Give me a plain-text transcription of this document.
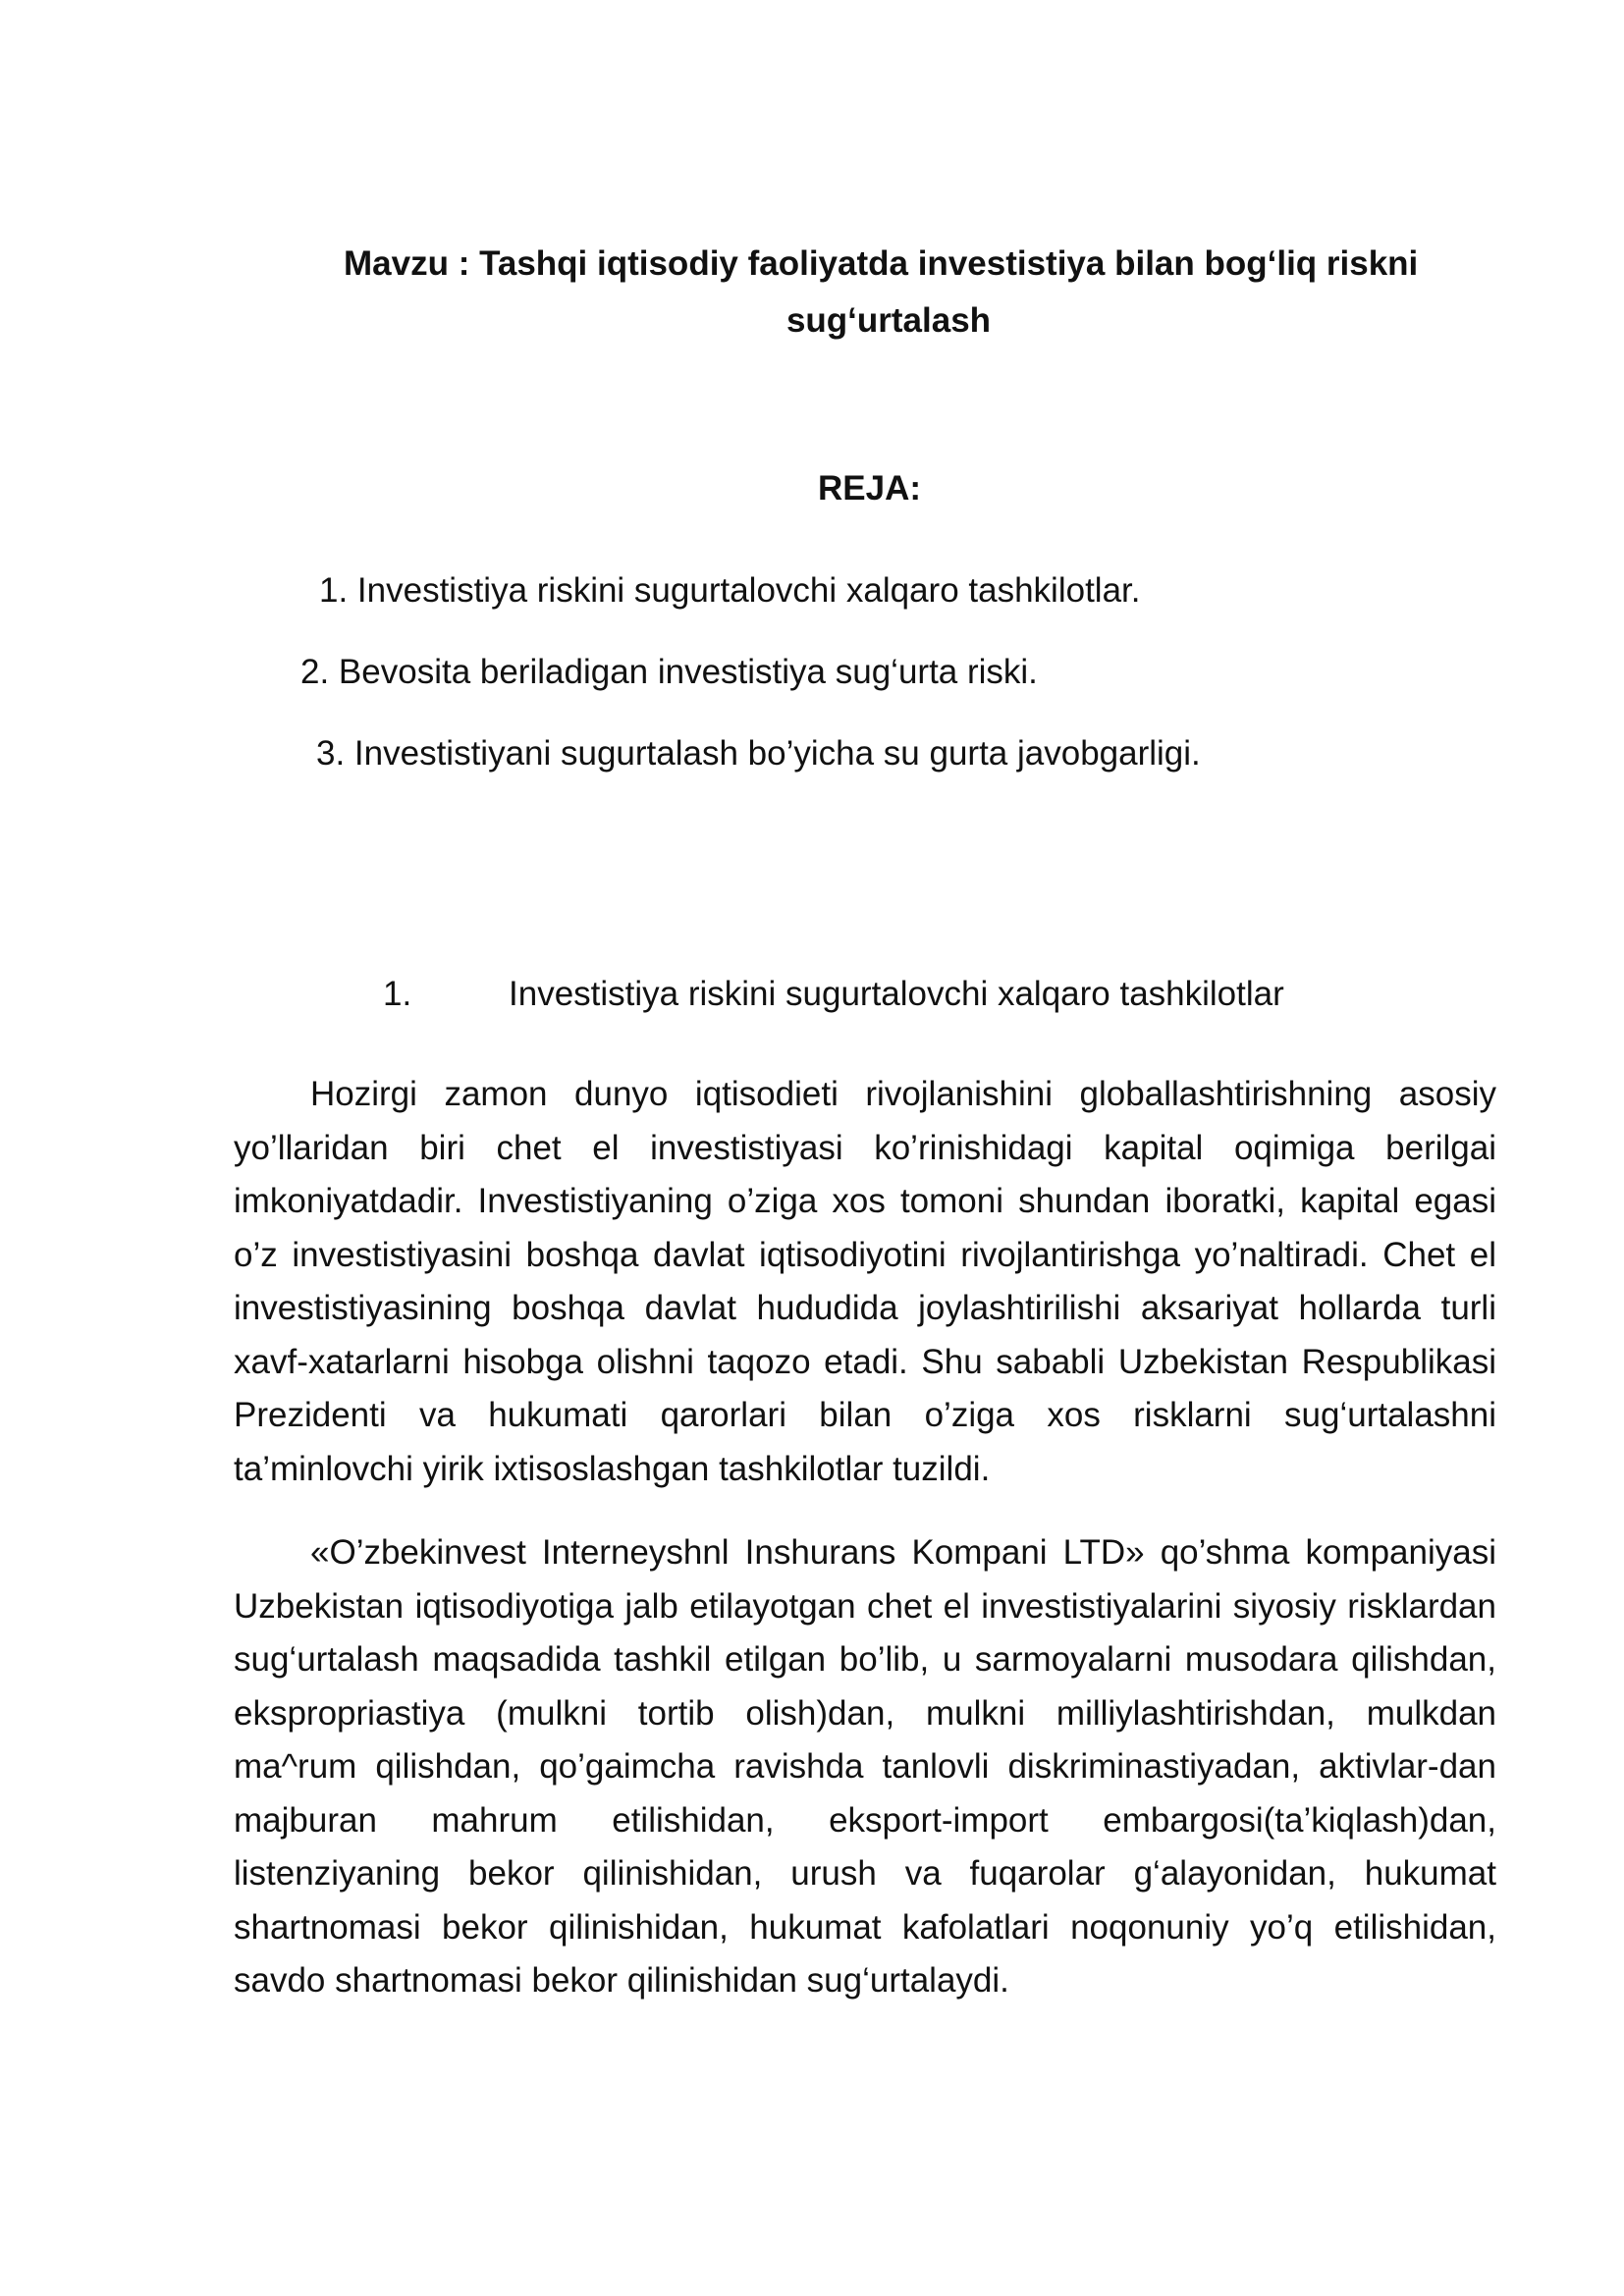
Mavzu : Tashqi iqtisodiy faoliyatda investistiya bilan bog‘liq riskni
sug‘urtalash
REJA:
1. Investistiya riskini sugurtalovchi xalqaro tashkilotlar.
2. Bevosita beriladigan investistiya sug‘urta riski.
3. Investistiyani sugurtalash bo’yicha su gurta javobgarligi.
1.	Investistiya riskini sugurtalovchi xalqaro tashkilotlar

Hozirgi zamon dunyo iqtisodieti rivojlanishini globallashtirishning asosiy yo’llaridan biri chet el investistiyasi ko’rinishidagi kapital oqimiga berilgai imkoniyatdadir. Investistiyaning o’ziga xos tomoni shundan iboratki, kapital egasi o’z investistiyasini boshqa davlat iqtisodiyotini rivojlantirishga yo’naltiradi. Chet el investistiyasining boshqa davlat hududida joylashtirilishi aksariyat hollarda turli xavf-xatarlarni hisobga olishni taqozo etadi. Shu sababli Uzbekistan Respublikasi Prezidenti va hukumati qarorlari bilan o’ziga xos risklarni sug‘urtalashni ta’minlovchi yirik ixtisoslashgan tashkilotlar tuzildi.

«O’zbekinvest Interneyshnl Inshurans Kompani LTD» qo’shma kompaniyasi Uzbekistan iqtisodiyotiga jalb etilayotgan chet el investistiyalarini siyosiy risklardan sug‘urtalash maqsadida tashkil etilgan bo’lib, u sarmoyalarni musodara qilishdan, ekspropriastiya (mulkni tortib olish)dan, mulkni milliylashtirishdan, mulkdan ma^rum qilishdan, qo’gaimcha ravishda tanlovli diskriminastiyadan, aktivlar-dan majburan mahrum etilishidan, eksport-import embargosi(ta’kiqlash)dan, listenziyaning bekor qilinishidan, urush va fuqarolar g‘alayonidan, hukumat shartnomasi bekor qilinishidan, hukumat kafolatlari noqonuniy yo’q etilishidan, savdo shartnomasi bekor qilinishidan sug‘urtalaydi.
